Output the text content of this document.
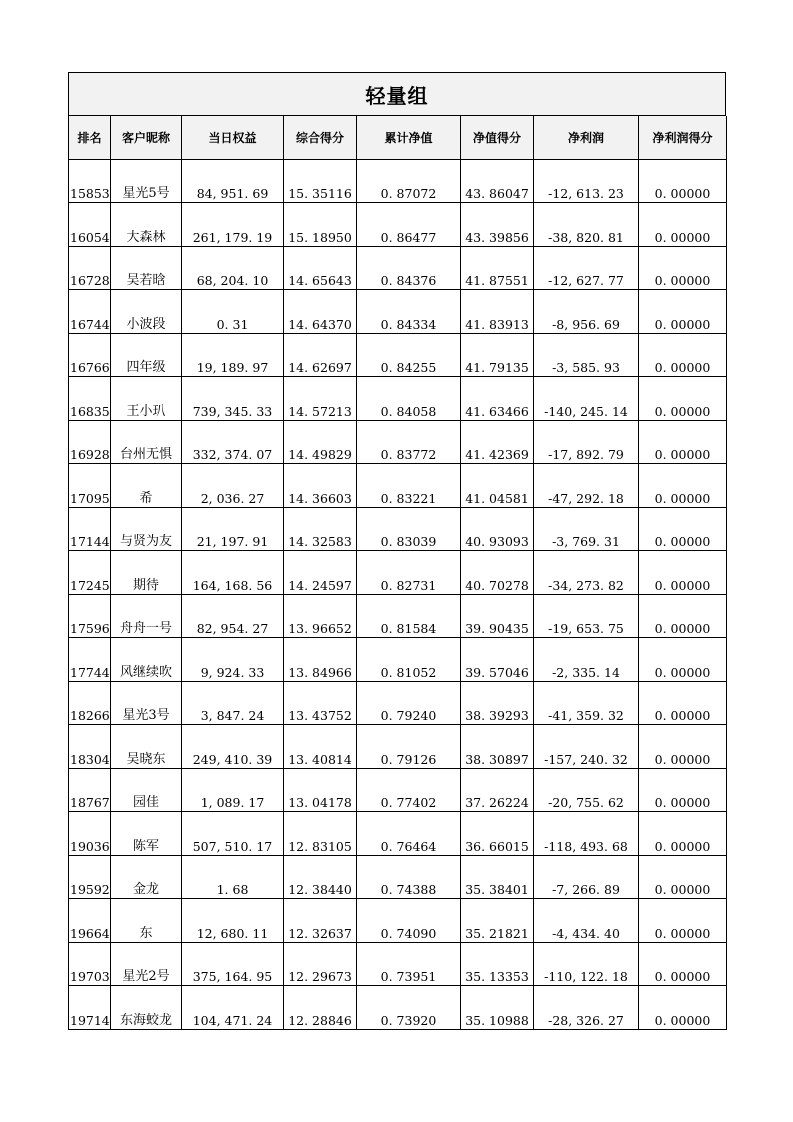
轻量组
排名	客户昵称	当日权益	综合得分	累计净值	净值得分	净利润	净利润得分
15853	星光5号	84, 951. 69	15. 35116	0. 87072	43. 86047	-12, 613. 23	0. 00000
16054	大森林	261, 179. 19	15. 18950	0. 86477	43. 39856	-38, 820. 81	0. 00000
16728	吴若晗	68, 204. 10	14. 65643	0. 84376	41. 87551	-12, 627. 77	0. 00000
16744	小波段	0. 31	14. 64370	0. 84334	41. 83913	-8, 956. 69	0. 00000
16766	四年级	19, 189. 97	14. 62697	0. 84255	41. 79135	-3, 585. 93	0. 00000
16835	王小玐	739, 345. 33	14. 57213	0. 84058	41. 63466	-140, 245. 14	0. 00000
16928	台州无惧	332, 374. 07	14. 49829	0. 83772	41. 42369	-17, 892. 79	0. 00000
17095	希	2, 036. 27	14. 36603	0. 83221	41. 04581	-47, 292. 18	0. 00000
17144	与贤为友	21, 197. 91	14. 32583	0. 83039	40. 93093	-3, 769. 31	0. 00000
17245	期待	164, 168. 56	14. 24597	0. 82731	40. 70278	-34, 273. 82	0. 00000
17596	舟舟一号	82, 954. 27	13. 96652	0. 81584	39. 90435	-19, 653. 75	0. 00000
17744	风继续吹	9, 924. 33	13. 84966	0. 81052	39. 57046	-2, 335. 14	0. 00000
18266	星光3号	3, 847. 24	13. 43752	0. 79240	38. 39293	-41, 359. 32	0. 00000
18304	吴晓东	249, 410. 39	13. 40814	0. 79126	38. 30897	-157, 240. 32	0. 00000
18767	园佳	1, 089. 17	13. 04178	0. 77402	37. 26224	-20, 755. 62	0. 00000
19036	陈军	507, 510. 17	12. 83105	0. 76464	36. 66015	-118, 493. 68	0. 00000
19592	金龙	1. 68	12. 38440	0. 74388	35. 38401	-7, 266. 89	0. 00000
19664	东	12, 680. 11	12. 32637	0. 74090	35. 21821	-4, 434. 40	0. 00000
19703	星光2号	375, 164. 95	12. 29673	0. 73951	35. 13353	-110, 122. 18	0. 00000
19714	东海蛟龙	104, 471. 24	12. 28846	0. 73920	35. 10988	-28, 326. 27	0. 00000
